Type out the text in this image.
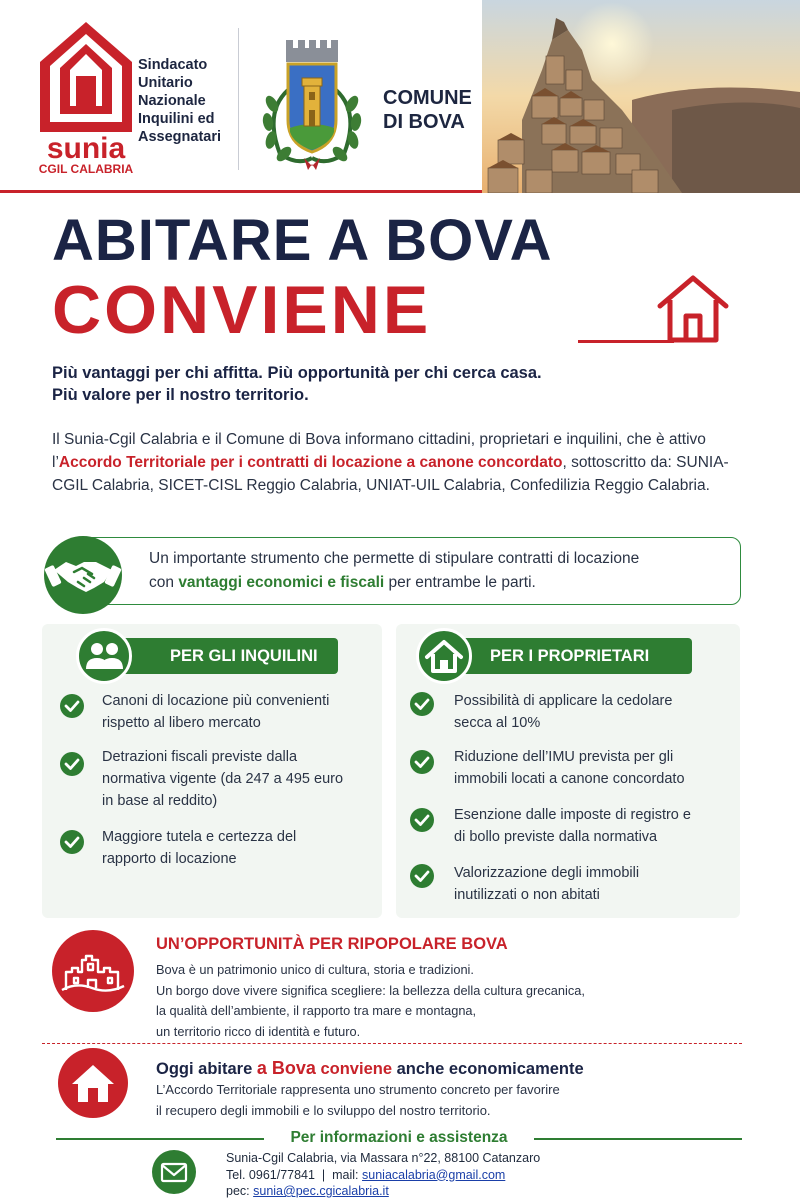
sunia
CGIL CALABRIA
Sindacato
Unitario
Nazionale
Inquilini ed
Assegnatari
COMUNE
DI BOVA
ABITARE A BOVA
CONVIENE
Più vantaggi per chi affitta. Più opportunità per chi cerca casa.
Più valore per il nostro territorio.
Il Sunia-Cgil Calabria e il Comune di Bova informano cittadini, proprietari e inquilini, che è attivo l’Accordo Territoriale per i contratti di locazione a canone concordato, sottoscritto da: SUNIA-CGIL Calabria, SICET-CISL Reggio Calabria, UNIAT-UIL Calabria, Confedilizia Reggio Calabria.
Un importante strumento che permette di stipulare contratti di locazione
con vantaggi economici e fiscali per entrambe le parti.
PER GLI INQUILINI
Canoni di locazione più convenienti
rispetto al libero mercato
Detrazioni fiscali previste dalla
normativa vigente (da 247 a 495 euro
in base al reddito)
Maggiore tutela e certezza del
rapporto di locazione
PER I PROPRIETARI
Possibilità di applicare la cedolare
secca al 10%
Riduzione dell’IMU prevista per gli
immobili locati a canone concordato
Esenzione dalle imposte di registro e
di bollo previste dalla normativa
Valorizzazione degli immobili
inutilizzati o non abitati
UN’OPPORTUNITÀ PER RIPOPOLARE BOVA
Bova è un patrimonio unico di cultura, storia e tradizioni.
Un borgo dove vivere significa scegliere: la bellezza della cultura grecanica,
la qualità dell’ambiente, il rapporto tra mare e montagna,
un territorio ricco di identità e futuro.
Oggi abitare a Bova conviene anche economicamente
L’Accordo Territoriale rappresenta uno strumento concreto per favorire
il recupero degli immobili e lo sviluppo del nostro territorio.
Per informazioni e assistenza
Sunia-Cgil Calabria, via Massara n°22, 88100 Catanzaro
Tel. 0961/77841 | mail: suniacalabria@gmail.com
pec: sunia@pec.cgicalabria.it
